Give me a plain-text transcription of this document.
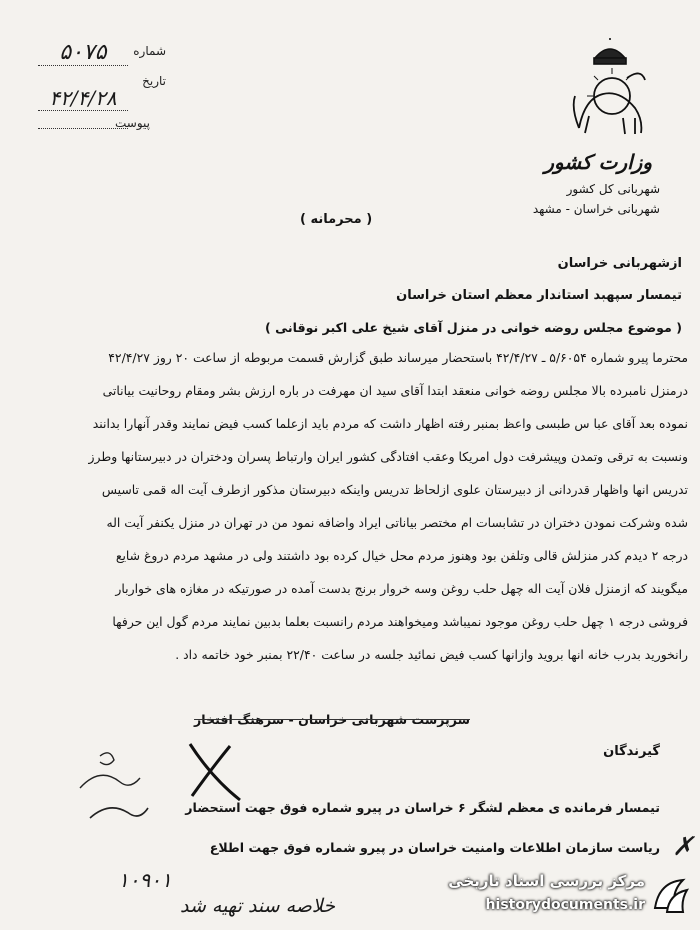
شماره
۵۰۷۵
تاریخ
۴۲/۴/۲۸
پیوست
وزارت کشور
شهربانی کل کشور
شهربانی خراسان - مشهد
( محرمانه )
ازشهربانی خراسان
تیمسار سپهبد استاندار معظم استان خراسان
( موضوع مجلس روضه خوانی در منزل آقای شیخ علی اکبر نوقانی )
محترما پیرو شماره ۵/۶۰۵۴ ـ ۴۲/۴/۲۷ باستحضار میرساند طبق گزارش قسمت مربوطه از ساعت ۲۰ روز ۴۲/۴/۲۷
درمنزل نامبرده بالا مجلس روضه خوانی منعقد ابتدا آقای سید ان مهرفت در باره ارزش بشر ومقام روحانیت بیاناتی
نموده بعد آقای عبا س طبسی واعظ بمنبر رفته اظهار داشت که مردم باید ازعلما کسب فیض نمایند وقدر آنهارا بدانند
ونسبت به ترقی وتمدن وپیشرفت دول امریکا وعقب افتادگی کشور ایران وارتباط پسران ودختران در دبیرستانها وطرز
تدریس انها واظهار قدردانی از دبیرستان علوی ازلحاظ تدریس واینکه دبیرستان مذکور ازطرف آیت اله قمی تاسیس
شده وشرکت نمودن دختران در تشابسات ام مختصر بیاناتی ایراد واضافه نمود من در تهران در منزل یکنفر آیت اله
درجه ۲ دیدم کدر منزلش قالی وتلفن بود وهنوز مردم محل خیال کرده بود داشتند ولی در مشهد مردم دروغ شایع
میگویند که ازمنزل فلان آیت اله چهل حلب روغن وسه خروار برنج بدست آمده در صورتیکه در مغازه های خواربار
فروشی درجه ۱ چهل حلب روغن موجود نمیباشد ومیخواهند مردم رانسبت بعلما بدبین نمایند مردم گول این حرفها
رانخورید بدرب خانه انها بروید وازانها کسب فیض نمائید جلسه در ساعت ۲۲/۴۰ بمنبر خود خاتمه داد .
سرپرست شهربانی خراسان - سرهنگ افتخار
گیرندگان
تیمسار فرمانده ی معظم لشگر ۶ خراسان در پیرو شماره فوق جهت استحضار
ریاست سازمان اطلاعات وامنیت خراسان در پیرو شماره فوق جهت اطلاع ✗
۱۰۹۰۱
خلاصه سند تهیه شد
مرکز بررسی اسناد تاریخی
historydocuments.ir
